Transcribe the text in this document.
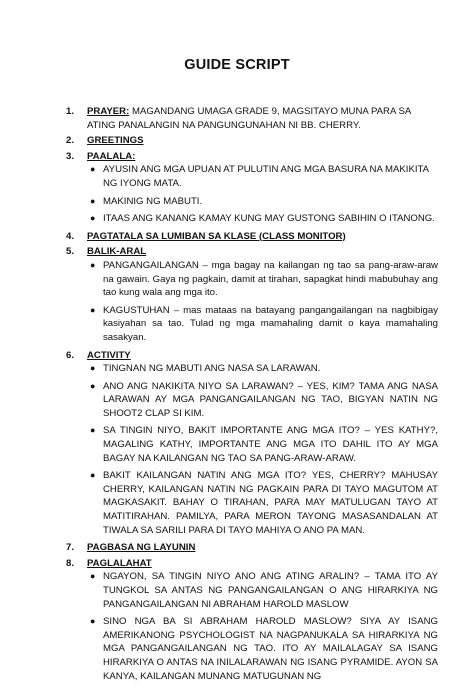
GUIDE SCRIPT
1. PRAYER: MAGANDANG UMAGA GRADE 9, MAGSITAYO MUNA PARA SA ATING PANALANGIN NA PANGUNGUNAHAN NI BB. CHERRY.
2. GREETINGS
3. PAALALA:
● AYUSIN ANG MGA UPUAN AT PULUTIN ANG MGA BASURA NA MAKIKITA NG IYONG MATA.
● MAKINIG NG MABUTI.
● ITAAS ANG KANANG KAMAY KUNG MAY GUSTONG SABIHIN O ITANONG.
4. PAGTATALA SA LUMIBAN SA KLASE (CLASS MONITOR)
5. BALIK-ARAL
● PANGANGAILANGAN – mga bagay na kailangan ng tao sa pang-araw-araw na gawain. Gaya ng pagkain, damit at tirahan, sapagkat hindi mabubuhay ang tao kung wala ang mga ito.
● KAGUSTUHAN – mas mataas na batayang pangangailangan na nagbibigay kasiyahan sa tao. Tulad ng mga mamahaling damit o kaya mamahaling sasakyan.
6. ACTIVITY
● TINGNAN NG MABUTI ANG NASA SA LARAWAN.
● ANO ANG NAKIKITA NIYO SA LARAWAN? – YES, KIM? TAMA ANG NASA LARAWAN AY MGA PANGANGAILANGAN NG TAO, BIGYAN NATIN NG SHOOT2 CLAP SI KIM.
● SA TINGIN NIYO, BAKIT IMPORTANTE ANG MGA ITO? – YES KATHY?, MAGALING KATHY, IMPORTANTE ANG MGA ITO DAHIL ITO AY MGA BAGAY NA KAILANGAN NG TAO SA PANG-ARAW-ARAW.
● BAKIT KAILANGAN NATIN ANG MGA ITO? YES, CHERRY? MAHUSAY CHERRY, KAILANGAN NATIN NG PAGKAIN PARA DI TAYO MAGUTOM AT MAGKASAKIT. BAHAY O TIRAHAN, PARA MAY MATULUGAN TAYO AT MATITIRAHAN. PAMILYA, PARA MERON TAYONG MASASANDALAN AT TIWALA SA SARILI PARA DI TAYO MAHIYA O ANO PA MAN.
7. PAGBASA NG LAYUNIN
8. PAGLALAHAT
● NGAYON, SA TINGIN NIYO ANO ANG ATING ARALIN? – TAMA ITO AY TUNGKOL SA ANTAS NG PANGANGAILANGAN O ANG HIRARKIYA NG PANGANGAILANGAN NI ABRAHAM HAROLD MASLOW
● SINO NGA BA SI ABRAHAM HAROLD MASLOW? SIYA AY ISANG AMERIKANONG PSYCHOLOGIST NA NAGPANUKALA SA HIRARKIYA NG MGA PANGANGAILANGAN NG TAO. ITO AY MAILALAGAY SA ISANG HIRARKIYA O ANTAS NA INILALARAWAN NG ISANG PYRAMIDE. AYON SA KANYA, KAILANGAN MUNANG MATUGUNAN NG
